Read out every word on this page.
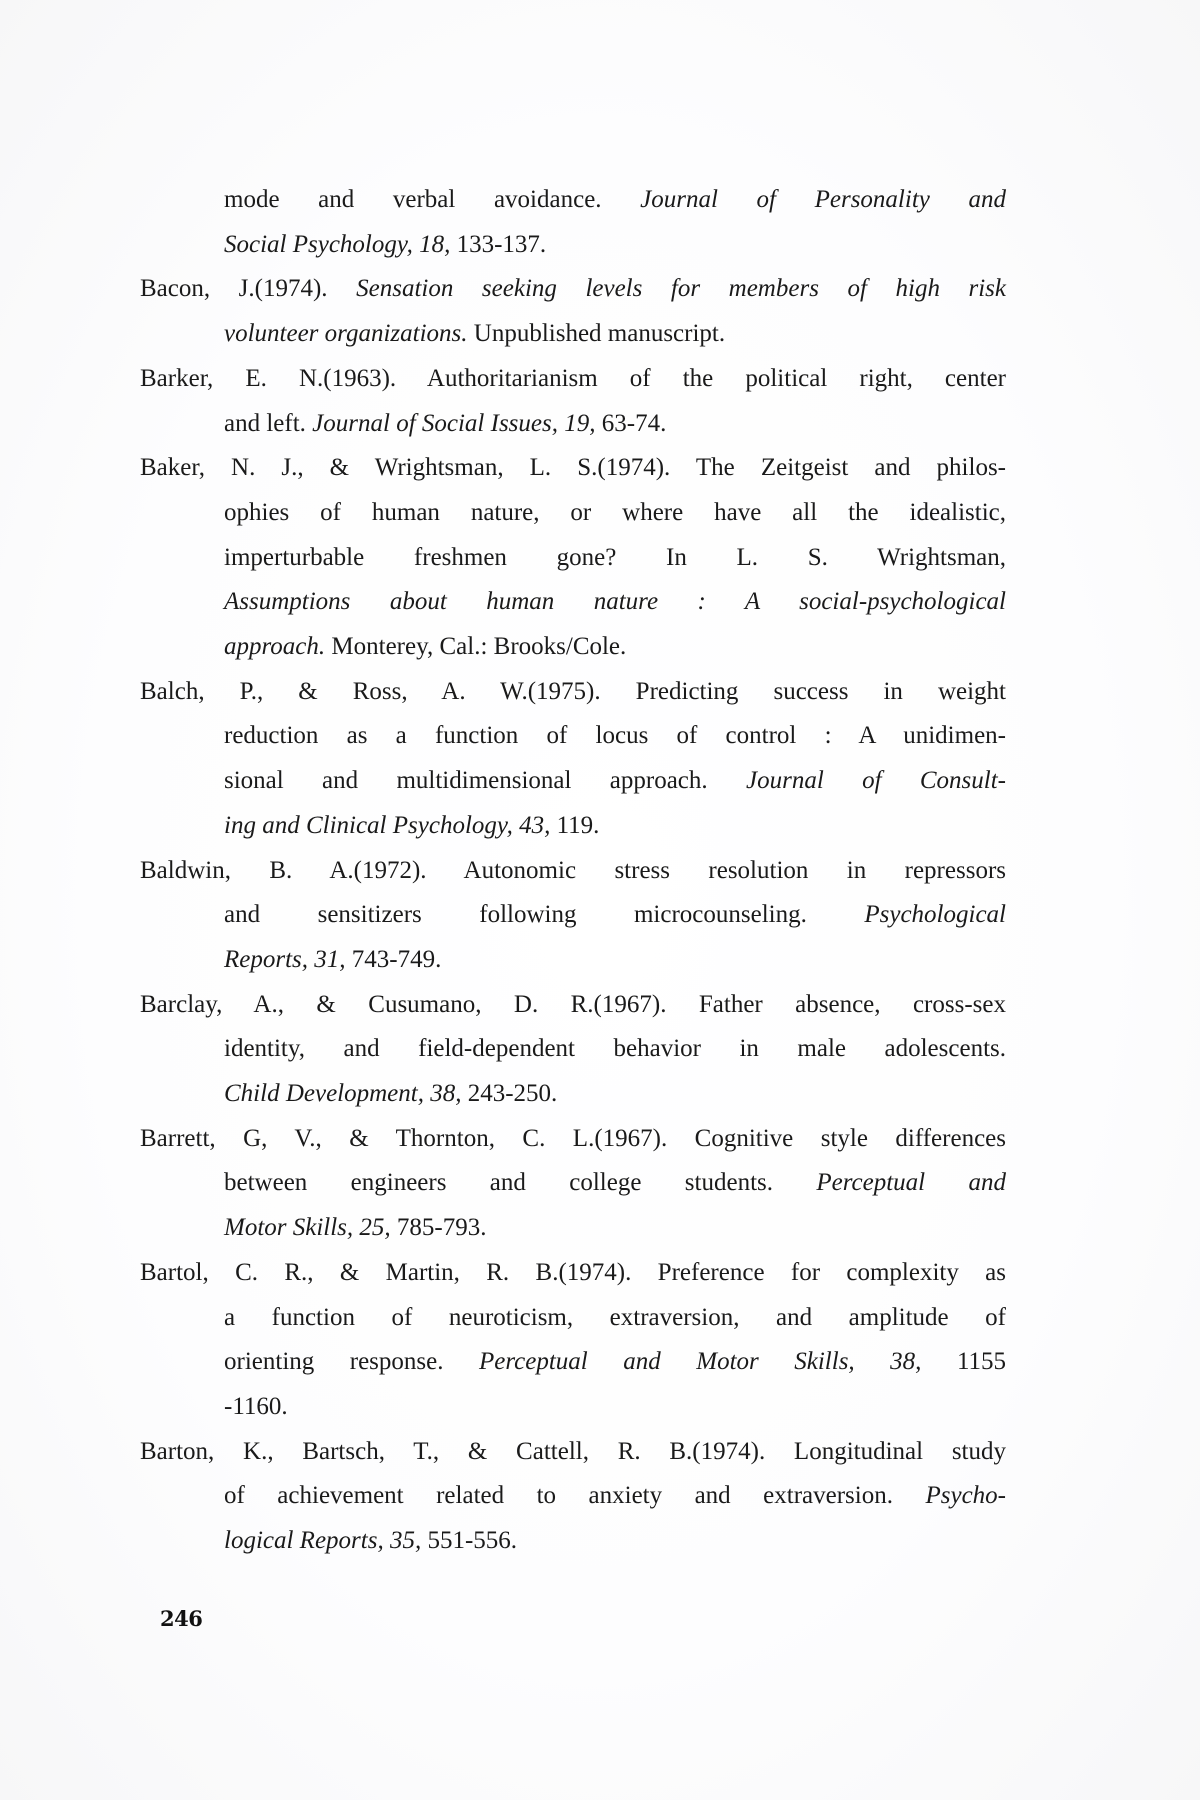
mode and verbal avoidance. Journal of Personality and
Social Psychology, 18, 133-137.
Bacon, J.(1974). Sensation seeking levels for members of high risk
volunteer organizations. Unpublished manuscript.
Barker, E. N.(1963). Authoritarianism of the political right, center
and left. Journal of Social Issues, 19, 63-74.
Baker, N. J., & Wrightsman, L. S.(1974). The Zeitgeist and philos-
ophies of human nature, or where have all the idealistic,
imperturbable freshmen gone? In L. S. Wrightsman,
Assumptions about human nature : A social-psychological
approach. Monterey, Cal.: Brooks/Cole.
Balch, P., & Ross, A. W.(1975). Predicting success in weight
reduction as a function of locus of control : A unidimen-
sional and multidimensional approach. Journal of Consult-
ing and Clinical Psychology, 43, 119.
Baldwin, B. A.(1972). Autonomic stress resolution in repressors
and sensitizers following microcounseling. Psychological
Reports, 31, 743-749.
Barclay, A., & Cusumano, D. R.(1967). Father absence, cross-sex
identity, and field-dependent behavior in male adolescents.
Child Development, 38, 243-250.
Barrett, G, V., & Thornton, C. L.(1967). Cognitive style differences
between engineers and college students. Perceptual and
Motor Skills, 25, 785-793.
Bartol, C. R., & Martin, R. B.(1974). Preference for complexity as
a function of neuroticism, extraversion, and amplitude of
orienting response. Perceptual and Motor Skills, 38, 1155
-1160.
Barton, K., Bartsch, T., & Cattell, R. B.(1974). Longitudinal study
of achievement related to anxiety and extraversion. Psycho-
logical Reports, 35, 551-556.
246
